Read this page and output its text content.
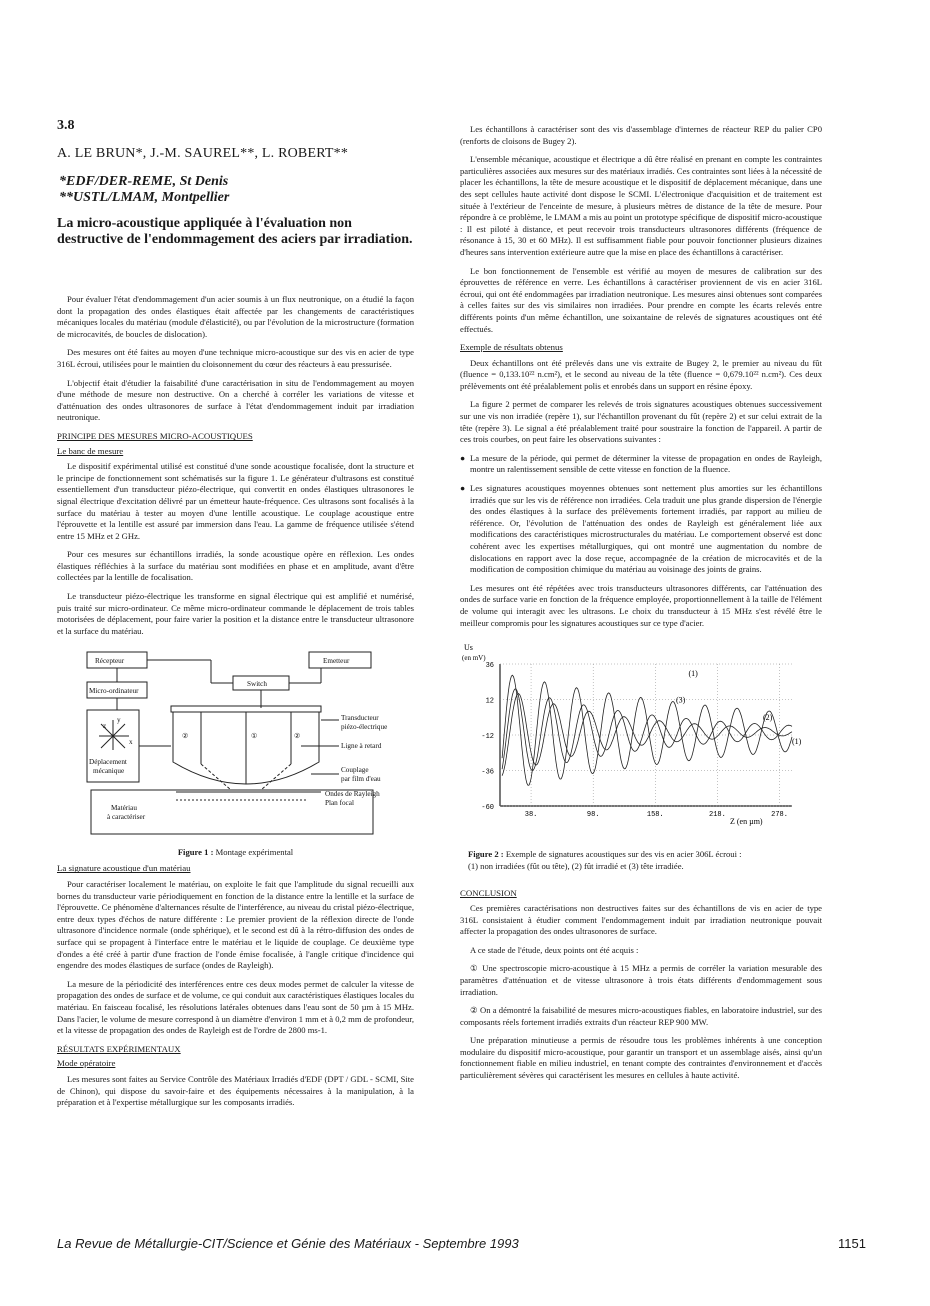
3.8
A. LE BRUN*, J.-M. SAUREL**, L. ROBERT**
*EDF/DER-REME, St Denis
**USTL/LMAM, Montpellier
La micro-acoustique appliquée à l'évaluation non destructive de l'endommagement des aciers par irradiation.

Pour évaluer l'état d'endommagement d'un acier soumis à un flux neutronique, on a étudié la façon dont la propagation des ondes élastiques était affectée par les changements de caractéristiques mécaniques locales du matériau (module d'élasticité), ou par l'évolution de la microstructure (formation de microcavités, de boucles de dislocation).

Des mesures ont été faites au moyen d'une technique micro-acoustique sur des vis en acier de type 316L écroui, utilisées pour le maintien du cloisonnement du cœur des réacteurs à eau pressurisée.

L'objectif était d'étudier la faisabilité d'une caractérisation in situ de l'endommagement au moyen d'une méthode de mesure non destructive. On a cherché à corréler les variations de vitesse et d'atténuation des ondes ultrasonores de surface à l'état d'endommagement induit par irradiation neutronique.

PRINCIPE DES MESURES MICRO-ACOUSTIQUES

Le banc de mesure

Le dispositif expérimental utilisé est constitué d'une sonde acoustique focalisée, dont la structure et le principe de fonctionnement sont schématisés sur la figure 1. Le générateur d'ultrasons est constitué essentiellement d'un transducteur piézo-électrique, qui convertit en ondes élastiques ultrasonores le signal électrique d'excitation délivré par un émetteur haute-fréquence. Ces ultrasons sont focalisés à la surface du matériau à tester au moyen d'une lentille acoustique. Le couplage acoustique entre l'éprouvette et la lentille est assuré par immersion dans l'eau. La gamme de fréquence utilisée s'étend entre 15 MHz et 2 GHz.

Pour ces mesures sur échantillons irradiés, la sonde acoustique opère en réflexion. Les ondes élastiques réfléchies à la surface du matériau sont modifiées en phase et en amplitude, avant d'être collectées par la lentille de focalisation.

Le transducteur piézo-électrique les transforme en signal électrique qui est amplifié et numérisé, puis traité sur micro-ordinateur. Ce même micro-ordinateur commande le déplacement de trois tables motorisées de déplacement, pour faire varier la position et la distance entre le transducteur ultrasonore et la surface du matériau.

Récepteur	Emetteur
Switch
Micro-ordinateur
Déplacement
mécanique
Transducteur
piézo-électrique
Ligne à retard
Couplage
par film d'eau
Ondes de Rayleigh
Plan focal
Matériau
à caractériser
②	①	②
x
y
z
Figure 1 : Montage expérimental

La signature acoustique d'un matériau

Pour caractériser localement le matériau, on exploite le fait que l'amplitude du signal recueilli aux bornes du transducteur varie périodiquement en fonction de la distance entre la lentille et la surface de l'éprouvette. Ce phénomène d'alternances résulte de l'interférence, au niveau du cristal piézo-électrique, entre deux types d'échos de nature différente : Le premier provient de la réflexion directe de l'onde ultrasonore d'incidence normale (onde sphérique), et le second est dû à la rétro-diffusion des ondes de surface qui se propagent à l'interface entre le matériau et le liquide de couplage. Ce deuxième type d'ondes a été créé à partir d'une fraction de l'onde émise focalisée, à l'angle critique d'incidence qui engendre des modes élastiques de surface (ondes de Rayleigh).

La mesure de la périodicité des interférences entre ces deux modes permet de calculer la vitesse de propagation des ondes de surface et de volume, ce qui conduit aux caractéristiques élastiques locales du matériau. En faisceau focalisé, les résolutions latérales obtenues dans l'eau sont de 50 µm à 15 MHz. Dans l'acier, le volume de mesure correspond à un diamètre d'environ 1 mm et à 0,2 mm de profondeur, et la vitesse de propagation des ondes de Rayleigh est de l'ordre de 2800 ms-1.

RÉSULTATS EXPÉRIMENTAUX

Mode opératoire

Les mesures sont faites au Service Contrôle des Matériaux Irradiés d'EDF (DPT / GDL - SCMI, Site de Chinon), qui dispose du savoir-faire et des équipements nécessaires à la manipulation, à la préparation et à l'expertise métallurgique sur les composants irradiés.

Les échantillons à caractériser sont des vis d'assemblage d'internes de réacteur REP du palier CP0 (renforts de cloisons de Bugey 2).

L'ensemble mécanique, acoustique et électrique a dû être réalisé en prenant en compte les contraintes particulières associées aux mesures sur des matériaux irradiés. Ces contraintes sont liées à la nécessité de placer les échantillons, la tête de mesure acoustique et le dispositif de déplacement mécanique, dans une des sept cellules haute activité dont dispose le SCMI. L'électronique d'acquisition et de traitement est située à l'extérieur de l'enceinte de mesure, à plusieurs mètres de distance de la tête de mesure. Pour répondre à ce problème, le LMAM a mis au point un prototype spécifique de dispositif micro-acoustique : Il est piloté à distance, et peut recevoir trois transducteurs ultrasonores différents (fréquence de résonance à 15, 30 et 60 MHz). Il est suffisamment fiable pour pouvoir fonctionner plusieurs dizaines d'heures sans intervention extérieure autre que la mise en place des échantillons à caractériser.

Le bon fonctionnement de l'ensemble est vérifié au moyen de mesures de calibration sur des éprouvettes de référence en verre. Les échantillons à caractériser proviennent de vis en acier 316L écroui, qui ont été endommagées par irradiation neutronique. Les mesures ainsi obtenues sont comparées à celles faites sur des vis similaires non irradiées. Pour prendre en compte les écarts relevés entre différents points d'un même échantillon, une soixantaine de relevés de signatures acoustiques ont été effectués.

Exemple de résultats obtenus

Deux échantillons ont été prélevés dans une vis extraite de Bugey 2, le premier au niveau du fût (fluence = 0,133.10²² n.cm²), et le second au niveau de la tête (fluence = 0,679.10²² n.cm²). Ces deux prélèvements ont été préalablement polis et enrobés dans un support en résine époxy.

La figure 2 permet de comparer les relevés de trois signatures acoustiques obtenues successivement sur une vis non irradiée (repère 1), sur l'échantillon provenant du fût (repère 2) et sur celui extrait de la tête (repère 3). Le signal a été préalablement traité pour soustraire la fonction de l'appareil. A partir de ces trois courbes, on peut faire les observations suivantes :

● La mesure de la période, qui permet de déterminer la vitesse de propagation en ondes de Rayleigh, montre un ralentissement sensible de cette vitesse en fonction de la fluence.

● Les signatures acoustiques moyennes obtenues sont nettement plus amorties sur les échantillons irradiés que sur les vis de référence non irradiées. Cela traduit une plus grande dispersion de l'énergie des ondes élastiques à la surface des prélèvements fortement irradiés, par rapport au milieu de référence. Or, l'évolution de l'atténuation des ondes de Rayleigh est généralement liée aux modifications des caractéristiques microstructurales du matériau. Le comportement observé est donc cohérent avec les expertises métallurgiques, qui ont montré une augmentation du nombre de dislocations en rapport avec la dose reçue, accompagnée de la création de microcavités et de la modification de composition chimique du matériau au voisinage des joints de grains.

Les mesures ont été répétées avec trois transducteurs ultrasonores différents, car l'atténuation des ondes de surface varie en fonction de la fréquence employée, proportionnellement à la taille de l'élément de volume qui interagit avec les ultrasons. Le choix du transducteur à 15 MHz s'est révélé être le meilleur compromis pour les signatures acoustiques sur ce type d'acier.

Us
(en mV)
Z (en µm)
36
12
-12
-36
-60
38.	98.	158.	218.	278.
(1)
(2)
(3)
(1)
Figure 2 : Exemple de signatures acoustiques sur des vis en acier 306L écroui :
(1) non irradiées (fût ou tête), (2) fût irradié et (3) tête irradiée.

CONCLUSION

Ces premières caractérisations non destructives faites sur des échantillons de vis en acier de type 316L consistaient à étudier comment l'endommagement induit par irradiation neutronique pouvait affecter la propagation des ondes ultrasonores de surface.

A ce stade de l'étude, deux points ont été acquis :

① Une spectroscopie micro-acoustique à 15 MHz a permis de corréler la variation mesurable des paramètres d'atténuation et de vitesse ultrasonore à trois états différents d'endommagement sous irradiation.

② On a démontré la faisabilité de mesures micro-acoustiques fiables, en laboratoire industriel, sur des composants réels fortement irradiés extraits d'un réacteur REP 900 MW.

Une préparation minutieuse a permis de résoudre tous les problèmes inhérents à une conception modulaire du dispositif micro-acoustique, pour garantir un transport et un assemblage aisés, ainsi qu'un fonctionnement fiable en milieu industriel, en tenant compte des contraintes d'environnement et d'accès particulièrement sévères qui caractérisent les mesures en cellules à haute activité.

La Revue de Métallurgie-CIT/Science et Génie des Matériaux - Septembre 1993	1151
